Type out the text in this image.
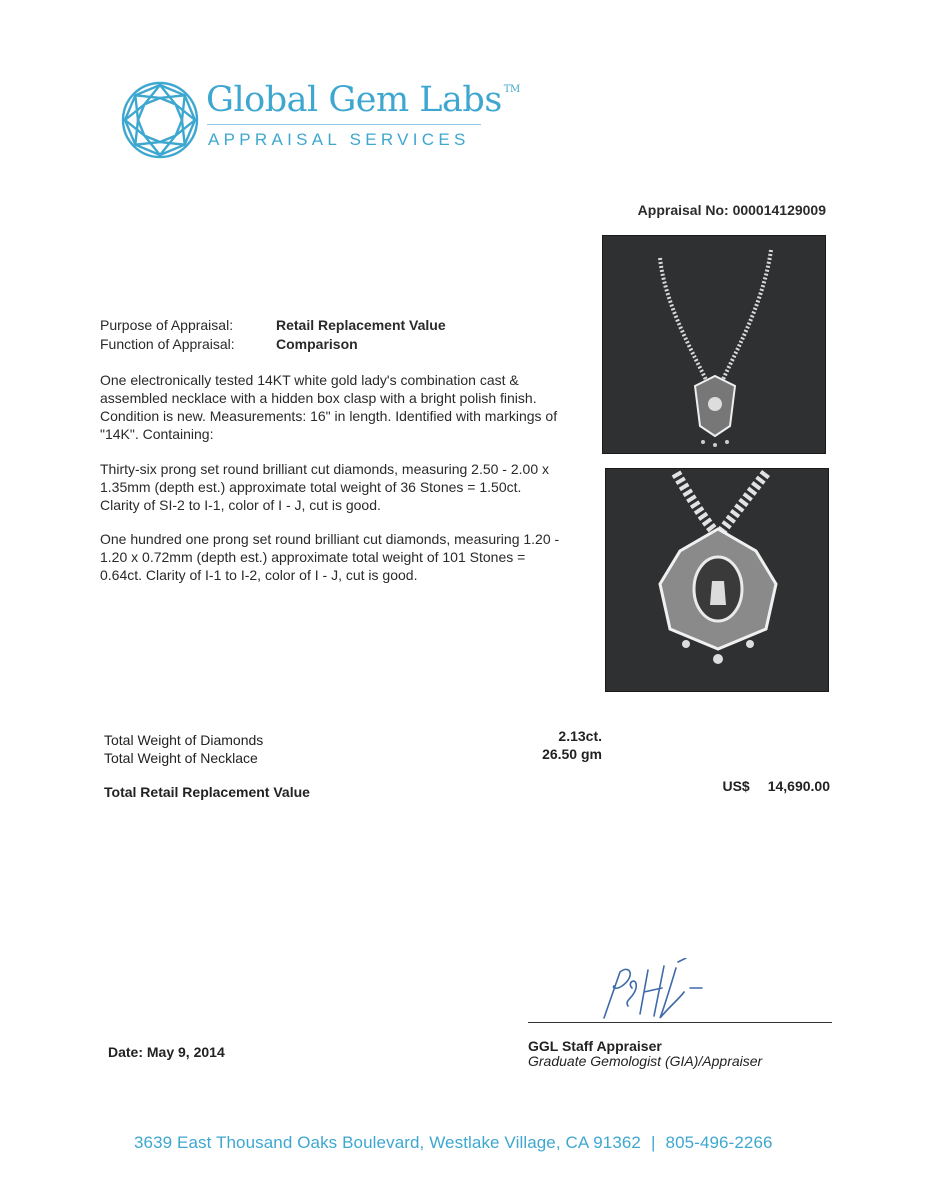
Global Gem Labs ™
APPRAISAL SERVICES
Appraisal No: 000014129009
Purpose of Appraisal:	Retail Replacement Value
Function of Appraisal:	Comparison
One electronically tested 14KT white gold lady's combination cast & assembled necklace with a hidden box clasp with a bright polish finish. Condition is new. Measurements: 16" in length. Identified with markings of "14K". Containing:
Thirty-six prong set round brilliant cut diamonds, measuring 2.50 - 2.00 x 1.35mm (depth est.) approximate total weight of 36 Stones = 1.50ct. Clarity of SI-2 to I-1, color of I - J, cut is good.
One hundred one prong set round brilliant cut diamonds, measuring 1.20 - 1.20 x 0.72mm (depth est.) approximate total weight of 101 Stones = 0.64ct. Clarity of I-1 to I-2, color of I - J, cut is good.
Total Weight of Diamonds	2.13ct.
Total Weight of Necklace	26.50 gm
Total Retail Replacement Value	US$ 14,690.00
GGL Staff Appraiser
Graduate Gemologist (GIA)/Appraiser
Date: May 9, 2014
3639 East Thousand Oaks Boulevard, Westlake Village, CA 91362 | 805-496-2266
